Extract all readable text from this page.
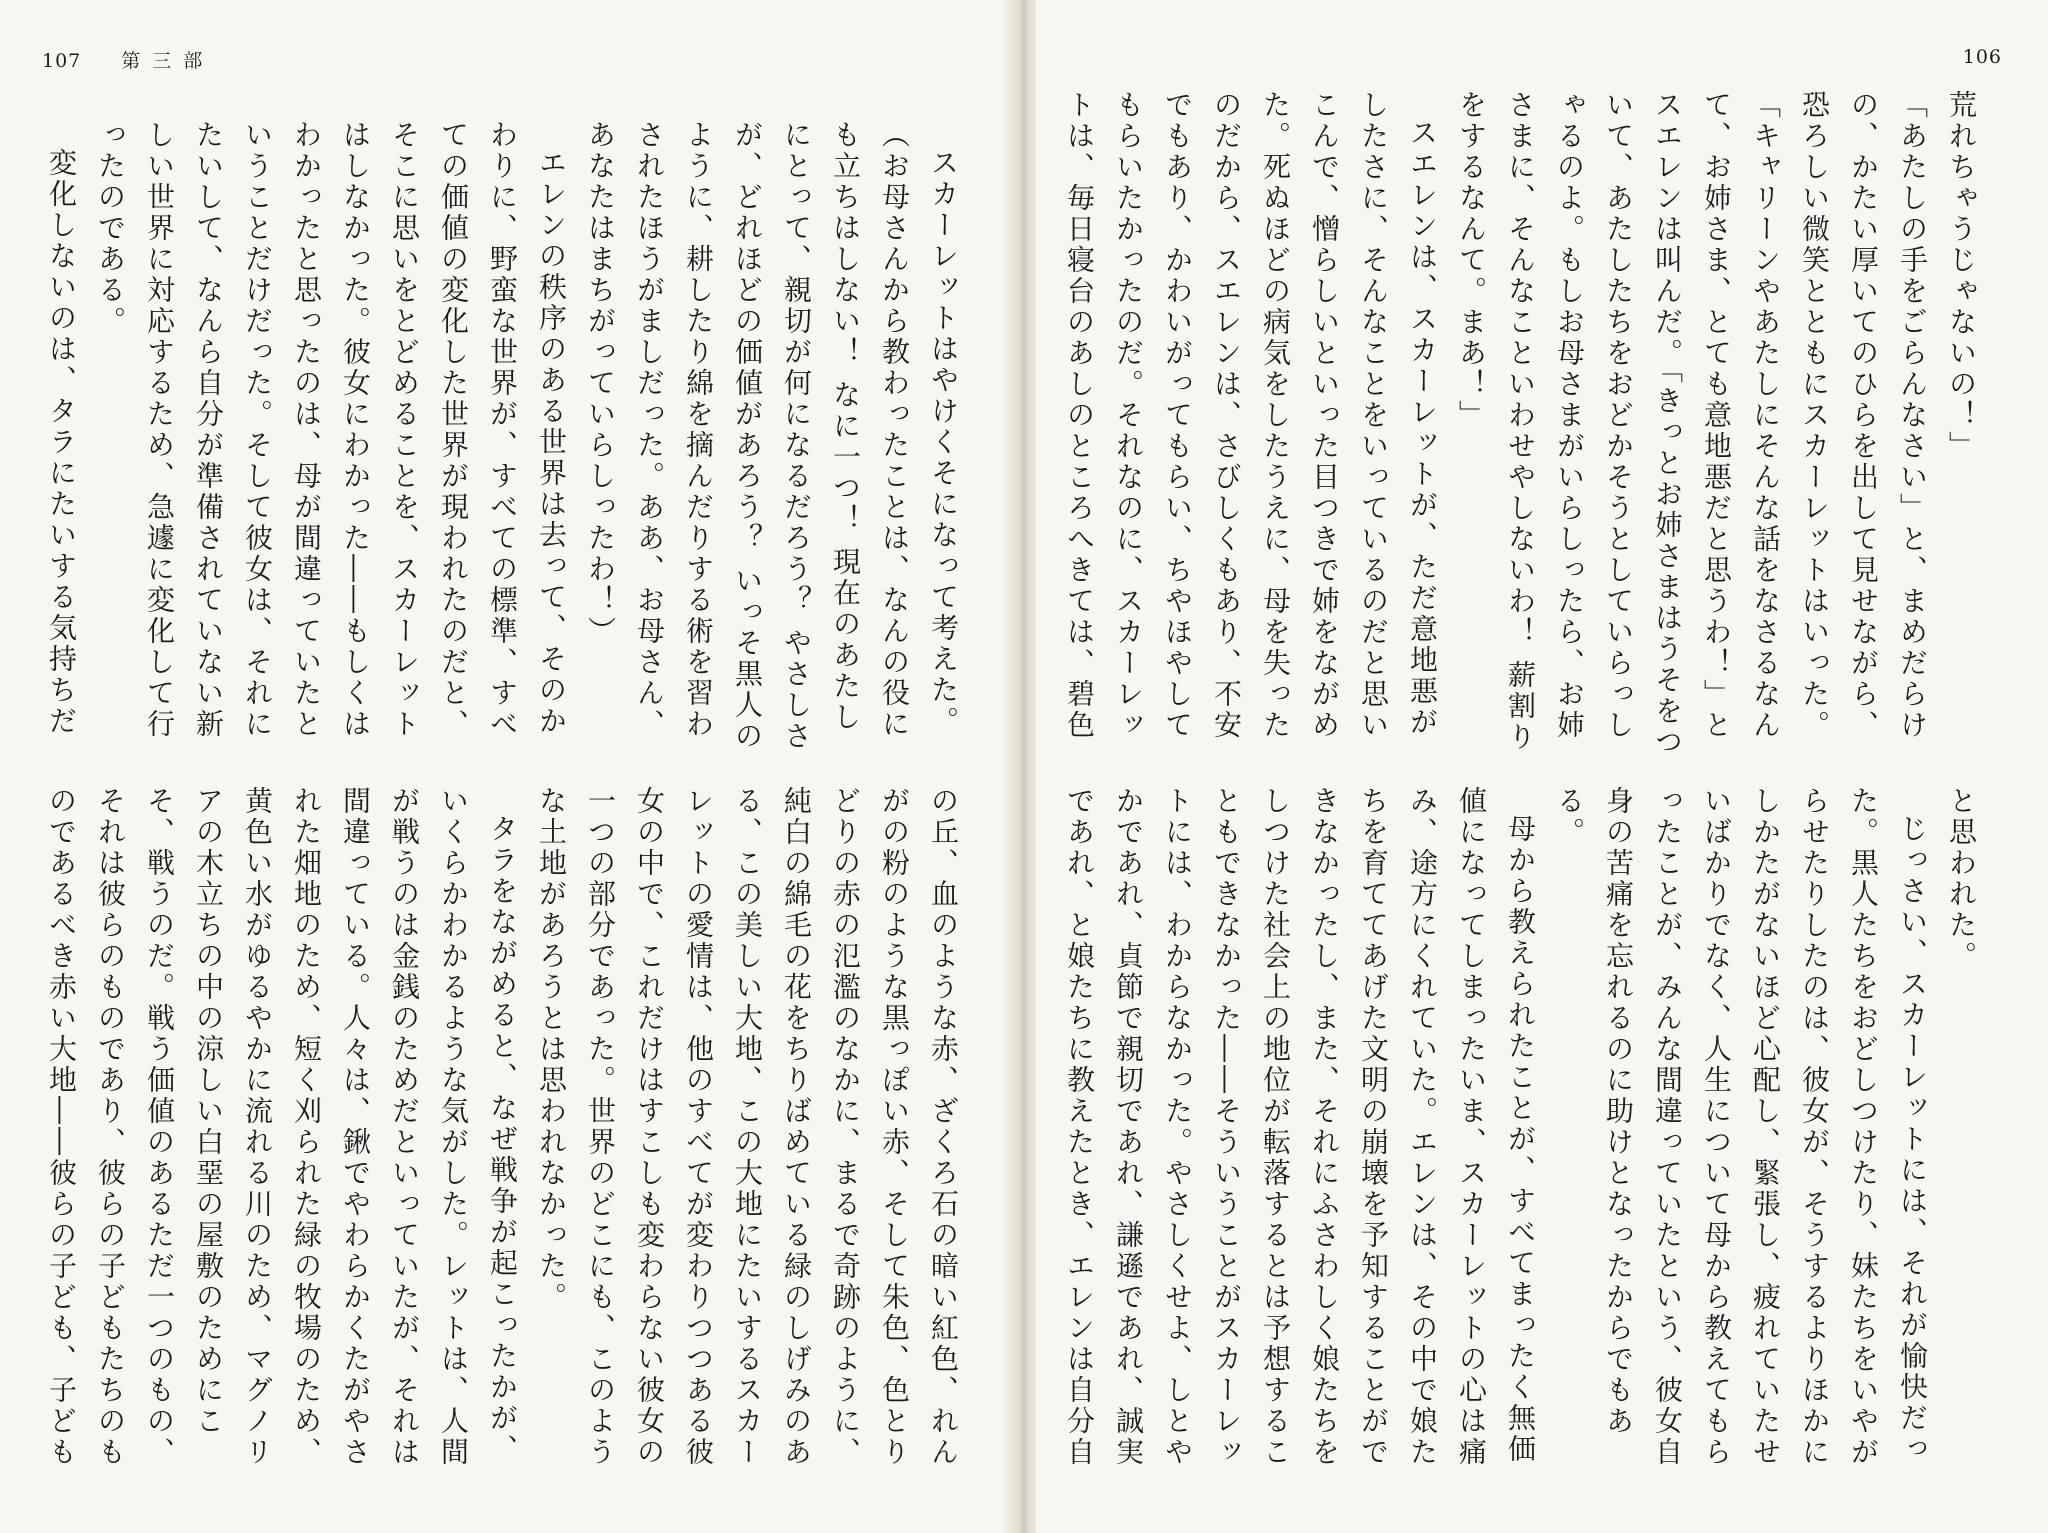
107 第三部

スカーレットはやけくそになって考えた。（お母さんから教わったことは、なんの役にも立ちはしない！ なに一つ！ 現在のあたしにとって、親切が何になるだろう？ やさしさが、どれほどの価値があろう？ いっそ黒人のように、耕したり綿を摘んだりする術を習わされたほうがましだった。ああ、お母さん、あなたはまちがっていらしったわ！）

エレンの秩序のある世界は去って、そのかわりに、野蛮な世界が、すべての標準、すべての価値の変化した世界が現われたのだと、そこに思いをとどめることを、スカーレットはしなかった。彼女にわかった――もしくはわかったと思ったのは、母が間違っていたということだけだった。そして彼女は、それにたいして、なんら自分が準備されていない新しい世界に対応するため、急遽に変化して行ったのである。

変化しないのは、タラにたいする気持ちだ

の丘、血のような赤、ざくろ石の暗い紅色、れんがの粉のような黒っぽい赤、そして朱色、色とりどりの赤の氾濫のなかに、まるで奇跡のように、純白の綿毛の花をちりばめている緑のしげみのある、この美しい大地、この大地にたいするスカーレットの愛情は、他のすべてが変わりつつある彼女の中で、これだけはすこしも変わらない彼女の一つの部分であった。世界のどこにも、このような土地があろうとは思われなかった。

タラをながめると、なぜ戦争が起こったかが、いくらかわかるような気がした。レットは、人間が戦うのは金銭のためだといっていたが、それは間違っている。人々は、鍬でやわらかくたがやされた畑地のため、短く刈られた緑の牧場のため、黄色い水がゆるやかに流れる川のため、マグノリアの木立ちの中の涼しい白堊の屋敷のためにこそ、戦うのだ。戦う価値のあるただ一つのもの、それは彼らのものであり、彼らの子どもたちのものであるべき赤い大地――彼らの子ども、子ども

106

荒れちゃうじゃないの！」

「あたしの手をごらんなさい」と、まめだらけの、かたい厚いてのひらを出して見せながら、恐ろしい微笑とともにスカーレットはいった。

「キャリーンやあたしにそんな話をなさるなんて、お姉さま、とても意地悪だと思うわ！」とスエレンは叫んだ。「きっとお姉さまはうそをついて、あたしたちをおどかそうとしていらっしゃるのよ。もしお母さまがいらしったら、お姉さまに、そんなこといわせやしないわ！ 薪割りをするなんて。まあ！」

スエレンは、スカーレットが、ただ意地悪がしたさに、そんなことをいっているのだと思いこんで、憎らしいといった目つきで姉をながめた。死ぬほどの病気をしたうえに、母を失ったのだから、スエレンは、さびしくもあり、不安でもあり、かわいがってもらい、ちやほやしてもらいたかったのだ。それなのに、スカーレットは、毎日寝台のあしのところへきては、碧色

と思われた。

じっさい、スカーレットには、それが愉快だった。黒人たちをおどしつけたり、妹たちをいやがらせたりしたのは、彼女が、そうするよりほかにしかたがないほど心配し、緊張し、疲れていたせいばかりでなく、人生について母から教えてもらったことが、みんな間違っていたという、彼女自身の苦痛を忘れるのに助けとなったからでもある。

母から教えられたことが、すべてまったく無価値になってしまったいま、スカーレットの心は痛み、途方にくれていた。エレンは、その中で娘たちを育ててあげた文明の崩壊を予知することができなかったし、また、それにふさわしく娘たちをしつけた社会上の地位が転落するとは予想することもできなかった――そういうことがスカーレットには、わからなかった。やさしくせよ、しとやかであれ、貞節で親切であれ、謙遜であれ、誠実であれ、と娘たちに教えたとき、エレンは自分自
